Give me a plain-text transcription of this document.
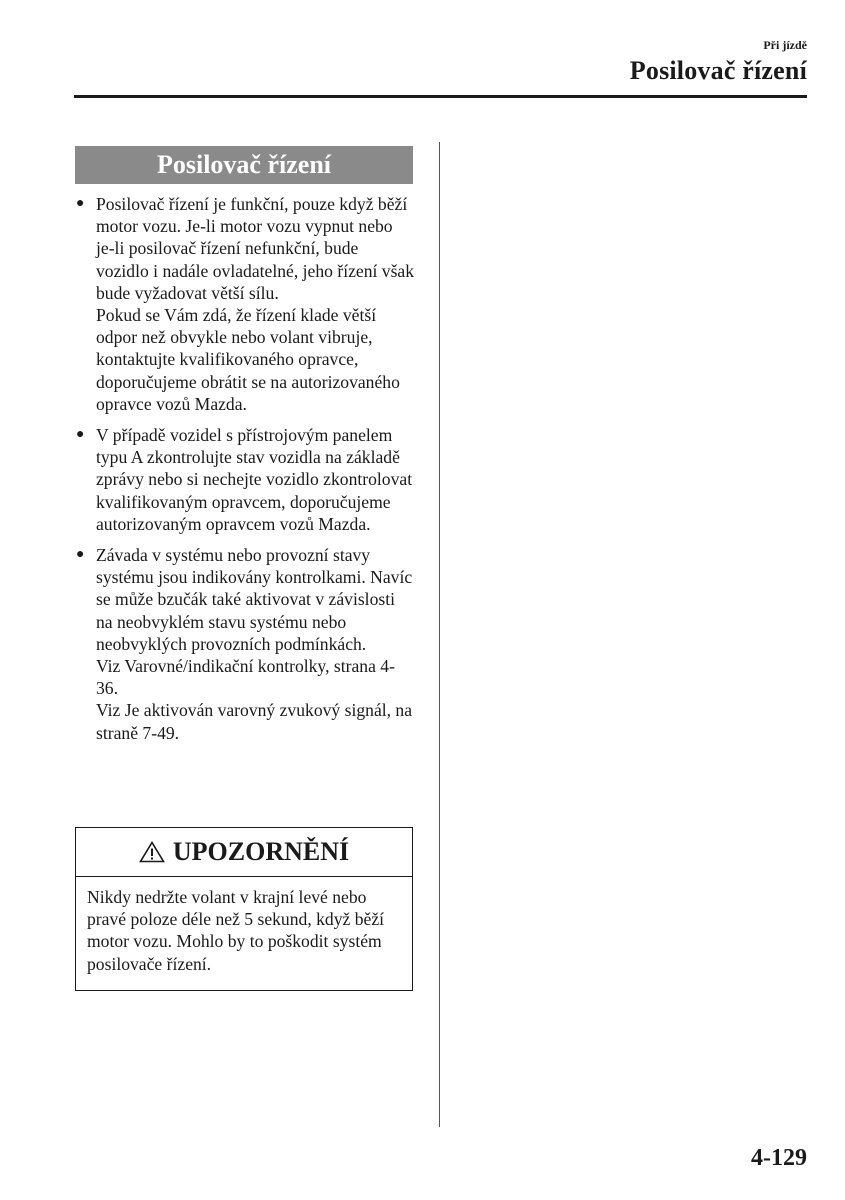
Při jízdě
Posilovač řízení
Posilovač řízení
● Posilovač řízení je funkční, pouze když běží motor vozu. Je-li motor vozu vypnut nebo je-li posilovač řízení nefunkční, bude vozidlo i nadále ovladatelné, jeho řízení však bude vyžadovat větší sílu.

Pokud se Vám zdá, že řízení klade větší odpor než obvykle nebo volant vibruje, kontaktujte kvalifikovaného opravce, doporučujeme obrátit se na autorizovaného opravce vozů Mazda.

● V případě vozidel s přístrojovým panelem typu A zkontrolujte stav vozidla na základě zprávy nebo si nechejte vozidlo zkontrolovat kvalifikovaným opravcem, doporučujeme autorizovaným opravcem vozů Mazda.

● Závada v systému nebo provozní stavy systému jsou indikovány kontrolkami. Navíc se může bzučák také aktivovat v závislosti na neobvyklém stavu systému nebo neobvyklých provozních podmínkách.

Viz Varovné/indikační kontrolky, strana 4-36.

Viz Je aktivován varovný zvukový signál, na straně 7-49.

UPOZORNĚNÍ

Nikdy nedržte volant v krajní levé nebo pravé poloze déle než 5 sekund, když běží motor vozu. Mohlo by to poškodit systém posilovače řízení.

4-129
